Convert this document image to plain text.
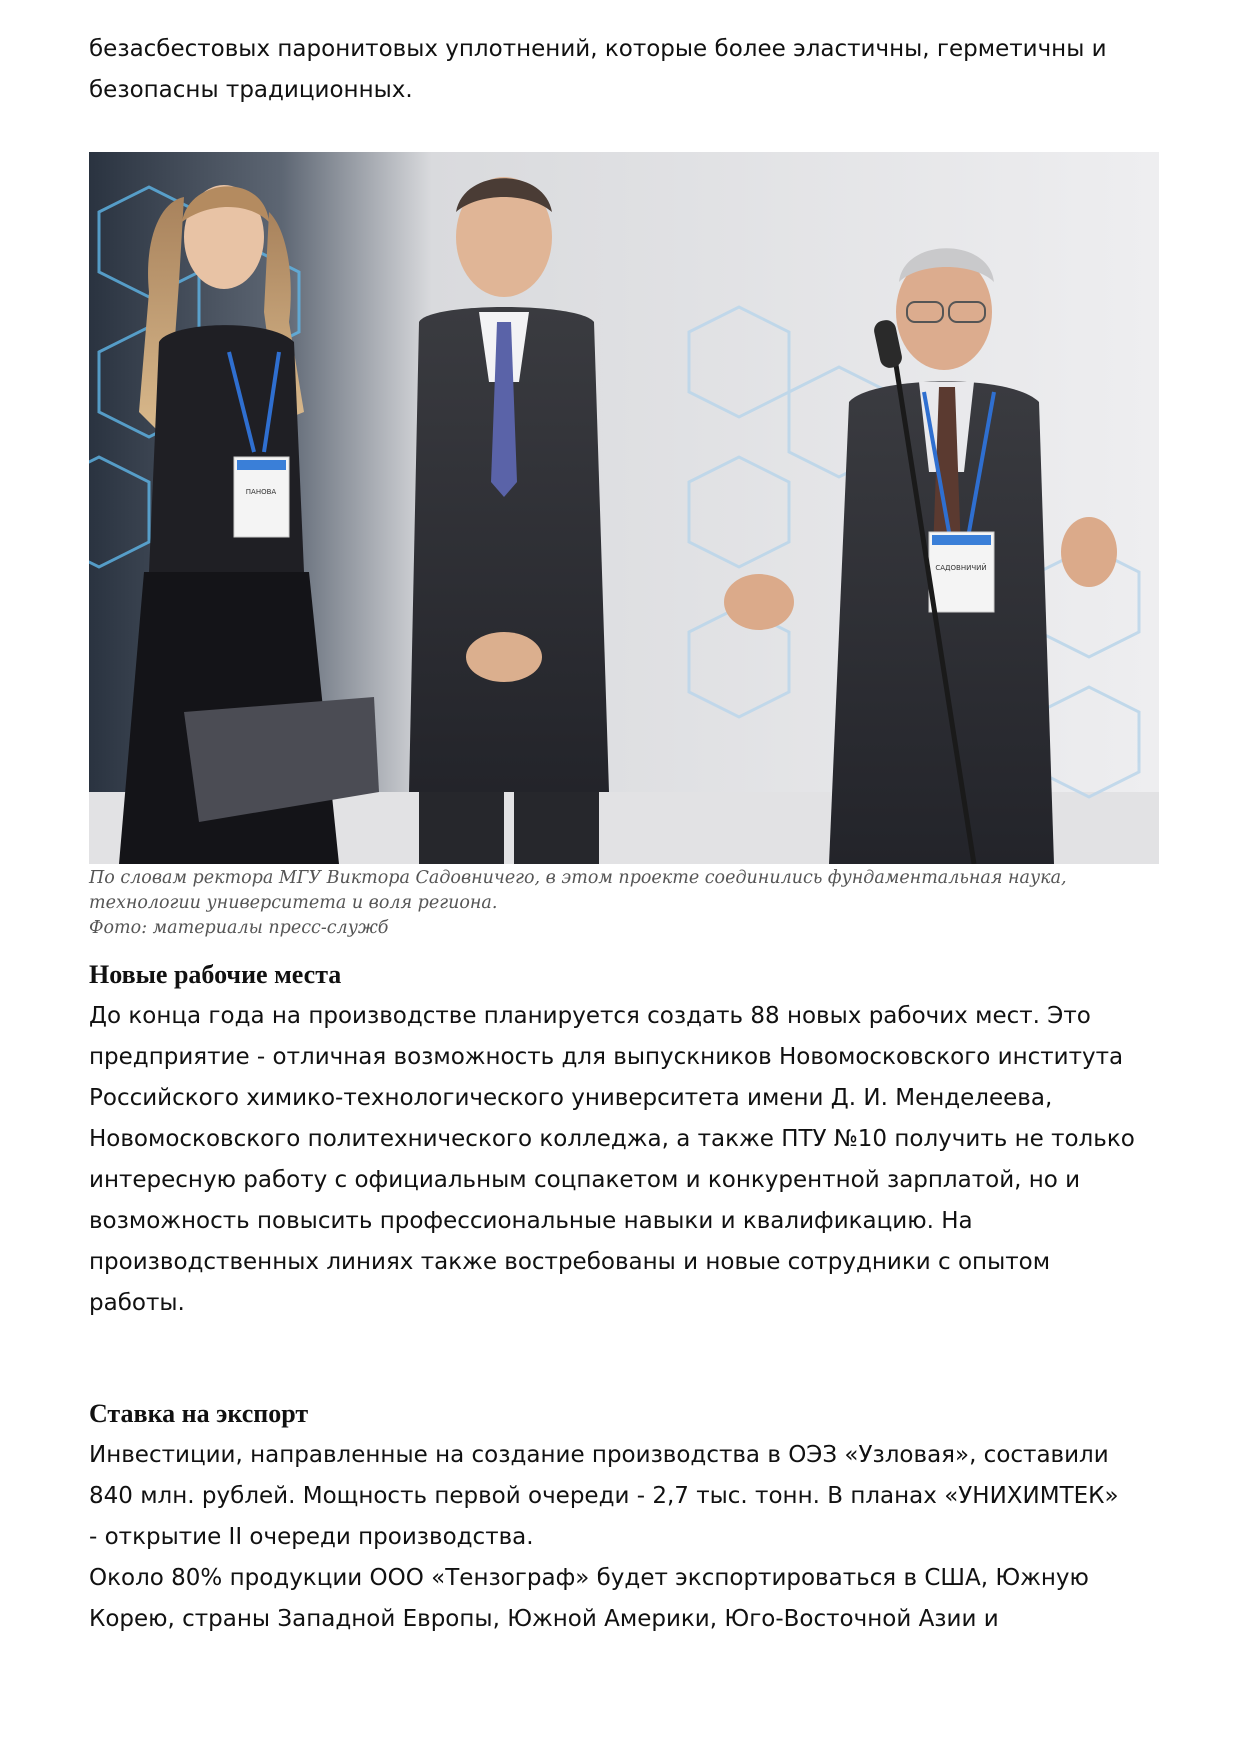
безасбестовых паронитовых уплотнений, которые более эластичны, герметичны и

безопасны традиционных.

ПАНОВА
САДОВНИЧИЙ
По словам ректора МГУ Виктора Садовничего, в этом проекте соединились фундаментальная наука,
технологии университета и воля региона.
Фото: материалы пресс-служб
Новые рабочие места

До конца года на производстве планируется создать 88 новых рабочих мест. Это

предприятие - отличная возможность для выпускников Новомосковского института

Российского химико-технологического университета имени Д. И. Менделеева,

Новомосковского политехнического колледжа, а также ПТУ №10 получить не только

интересную работу с официальным соцпакетом и конкурентной зарплатой, но и

возможность повысить профессиональные навыки и квалификацию. На

производственных линиях также востребованы и новые сотрудники с опытом

работы.

Ставка на экспорт

Инвестиции, направленные на создание производства в ОЭЗ «Узловая», составили

840 млн. рублей. Мощность первой очереди - 2,7 тыс. тонн. В планах «УНИХИМТЕК»

- открытие II очереди производства.

Около 80% продукции ООО «Тензограф» будет экспортироваться в США, Южную

Корею, страны Западной Европы, Южной Америки, Юго-Восточной Азии и
